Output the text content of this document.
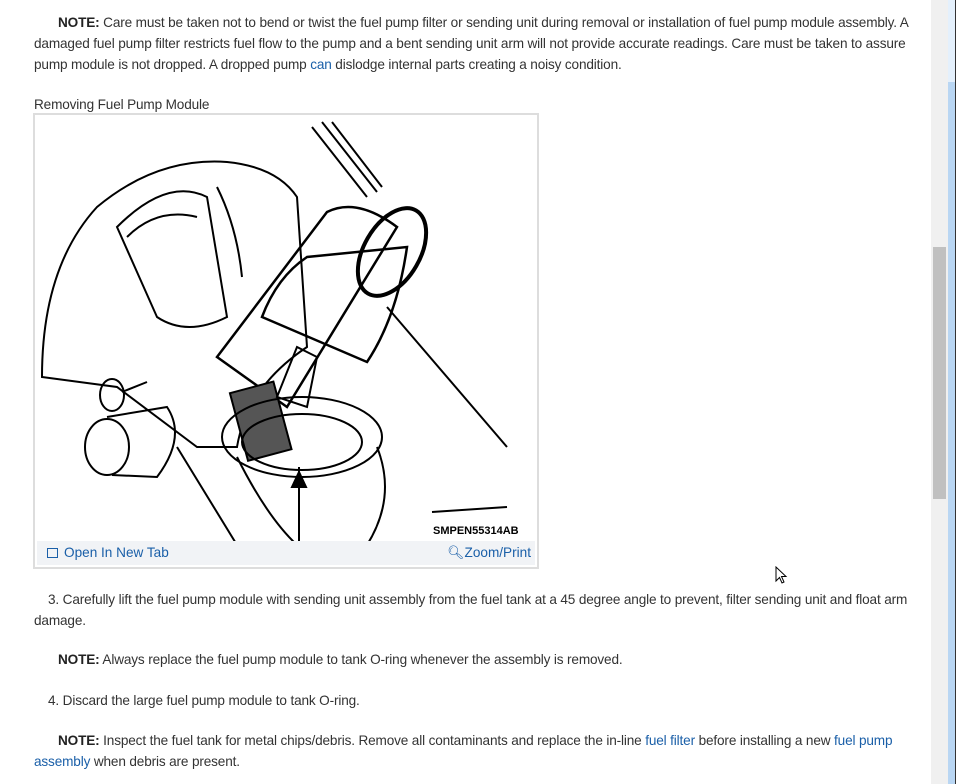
NOTE: Care must be taken not to bend or twist the fuel pump filter or sending unit during removal or installation of fuel pump module assembly. A damaged fuel pump filter restricts fuel flow to the pump and a bent sending unit arm will not provide accurate readings. Care must be taken to assure pump module is not dropped. A dropped pump can dislodge internal parts creating a noisy condition.

Removing Fuel Pump Module

3. Carefully lift the fuel pump module with sending unit assembly from the fuel tank at a 45 degree angle to prevent, filter sending unit and float arm damage.

NOTE: Always replace the fuel pump module to tank O-ring whenever the assembly is removed.

4. Discard the large fuel pump module to tank O-ring.

NOTE: Inspect the fuel tank for metal chips/debris. Remove all contaminants and replace the in-line fuel filter before installing a new fuel pump assembly when debris are present.

SMPEN55314AB
Open In New Tab	🔍︎Zoom/Print
